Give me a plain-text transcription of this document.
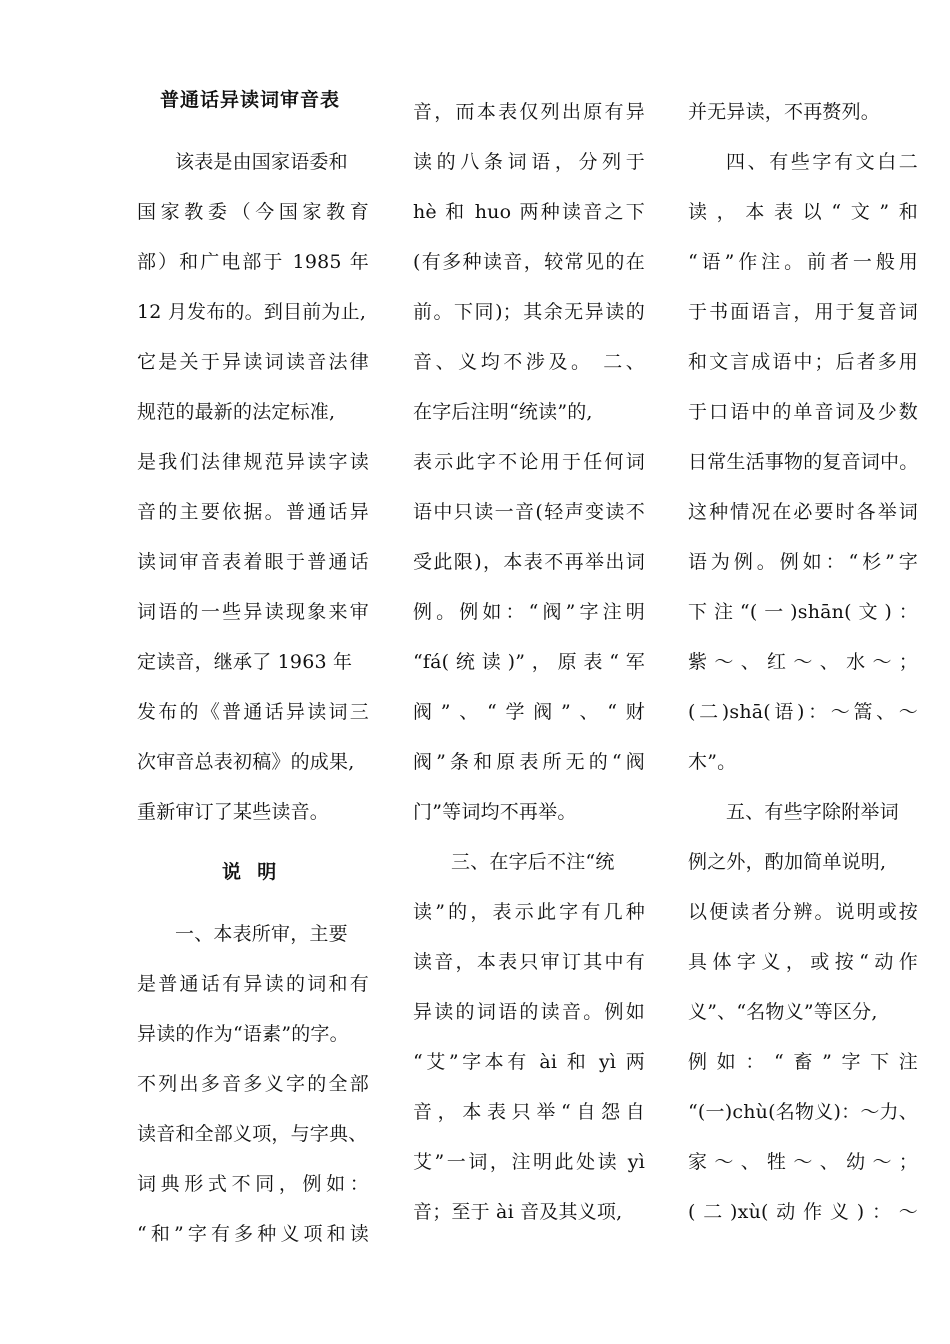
普通话异读词审音表
该表是由国家语委和
国家教委（今国家教育
部）和广电部于 1985 年
12 月发布的。到目前为止,
它是关于异读词读音法律
规范的最新的法定标准,
是我们法律规范异读字读
音的主要依据。普通话异
读词审音表着眼于普通话
词语的一些异读现象来审
定读音，继承了 1963 年
发布的《普通话异读词三
次审音总表初稿》的成果,
重新审订了某些读音。
一、本表所审，主要
是普通话有异读的词和有
异读的作为“语素”的字。
不列出多音多义字的全部
读音和全部义项，与字典、
词典形式不同，例如：
“和”字有多种义项和读
音，而本表仅列出原有异
读的八条词语，分列于
hè 和 huo 两种读音之下
(有多种读音，较常见的在
前。下同)；其余无异读的
音、义均不涉及。 二、
在字后注明“统读”的,
表示此字不论用于任何词
语中只读一音(轻声变读不
受此限)，本表不再举出词
例。例如：“阀”字注明
“fá(统读)”，原表“军
阀”、“学阀”、“财
阀”条和原表所无的“阀
门”等词均不再举。
三、在字后不注“统
读”的，表示此字有几种
读音，本表只审订其中有
异读的词语的读音。例如
“艾”字本有 ài 和 yì 两
音，本表只举“自怨自
艾”一词，注明此处读 yì
音；至于 ài 音及其义项,
并无异读，不再赘列。
四、有些字有文白二
读，本表以“文”和
“语”作注。前者一般用
于书面语言，用于复音词
和文言成语中；后者多用
于口语中的单音词及少数
日常生活事物的复音词中。
这种情况在必要时各举词
语为例。例如：“杉”字
下注“(一)shān(文)：
紫～、红～、水～；
(二)shā(语)：～篙、～
木”。
五、有些字除附举词
例之外，酌加简单说明,
以便读者分辨。说明或按
具体字义，或按“动作
义”、“名物义”等区分,
例如：“畜”字下注
“(一)chù(名物义)：～力、
家～、牲～、幼～；
(二)xù(动作义)：～
说  明
